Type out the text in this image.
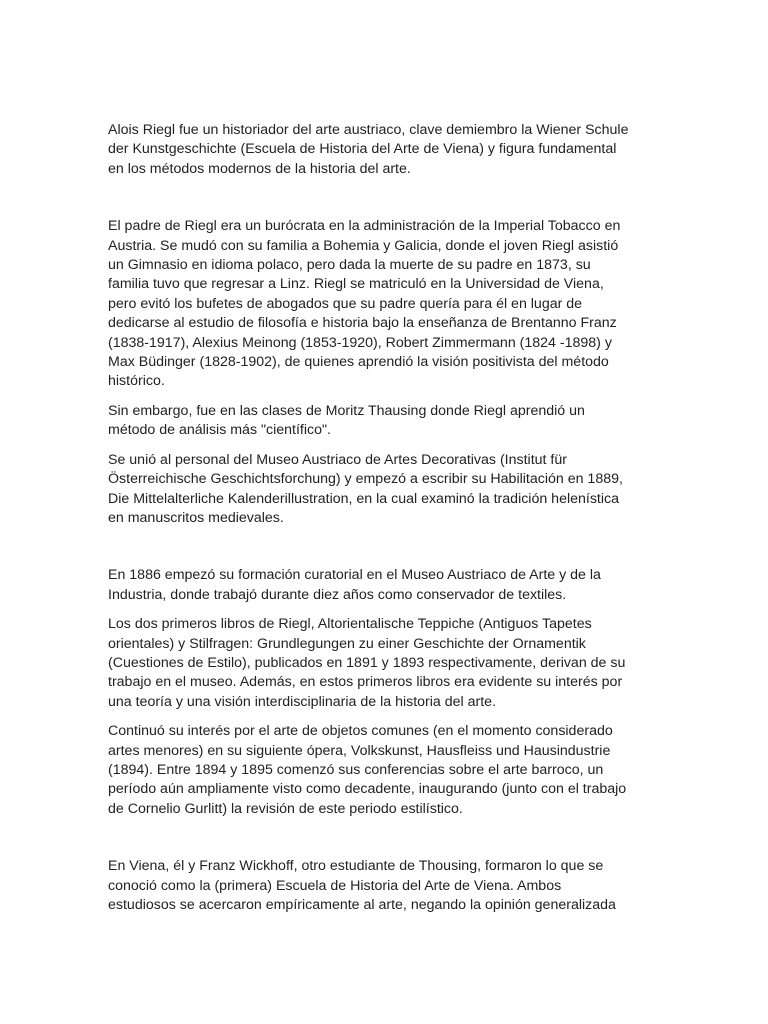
Alois Riegl fue un historiador del arte austriaco, clave demiembro la Wiener Schule
der Kunstgeschichte (Escuela de Historia del Arte de Viena) y figura fundamental
en los métodos modernos de la historia del arte.

El padre de Riegl era un burócrata en la administración de la Imperial Tobacco en
Austria. Se mudó con su familia a Bohemia y Galicia, donde el joven Riegl asistió
un Gimnasio en idioma polaco, pero dada la muerte de su padre en 1873, su
familia tuvo que regresar a Linz. Riegl se matriculó en la Universidad de Viena,
pero evitó los bufetes de abogados que su padre quería para él en lugar de
dedicarse al estudio de filosofía e historia bajo la enseñanza de Brentanno Franz
(1838-1917), Alexius Meinong (1853-1920), Robert Zimmermann (1824 -1898) y
Max Büdinger (1828-1902), de quienes aprendió la visión positivista del método
histórico.

Sin embargo, fue en las clases de Moritz Thausing donde Riegl aprendió un
método de análisis más "científico".

Se unió al personal del Museo Austriaco de Artes Decorativas (Institut für
Österreichische Geschichtsforchung) y empezó a escribir su Habilitación en 1889,
Die Mittelalterliche Kalenderillustration, en la cual examinó la tradición helenística
en manuscritos medievales.

En 1886 empezó su formación curatorial en el Museo Austriaco de Arte y de la
Industria, donde trabajó durante diez años como conservador de textiles.

Los dos primeros libros de Riegl, Altorientalische Teppiche (Antiguos Tapetes
orientales) y Stilfragen: Grundlegungen zu einer Geschichte der Ornamentik
(Cuestiones de Estilo), publicados en 1891 y 1893 respectivamente, derivan de su
trabajo en el museo. Además, en estos primeros libros era evidente su interés por
una teoría y una visión interdisciplinaria de la historia del arte.

Continuó su interés por el arte de objetos comunes (en el momento considerado
artes menores) en su siguiente ópera, Volkskunst, Hausfleiss und Hausindustrie
(1894). Entre 1894 y 1895 comenzó sus conferencias sobre el arte barroco, un
período aún ampliamente visto como decadente, inaugurando (junto con el trabajo
de Cornelio Gurlitt) la revisión de este periodo estilístico.

En Viena, él y Franz Wickhoff, otro estudiante de Thousing, formaron lo que se
conoció como la (primera) Escuela de Historia del Arte de Viena. Ambos
estudiosos se acercaron empíricamente al arte, negando la opinión generalizada
